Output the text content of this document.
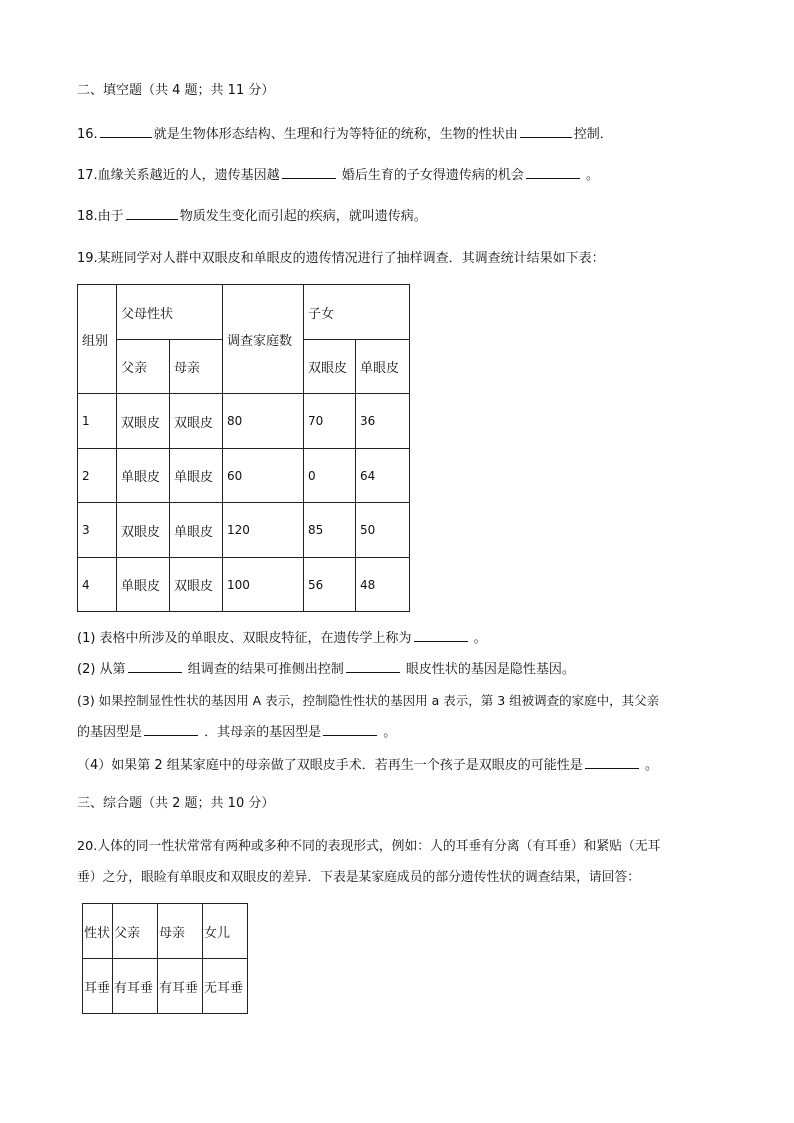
二、填空题（共 4 题；共 11 分）
16.	就是生物体形态结构、生理和行为等特征的统称，生物的性状由	控制．
17.血缘关系越近的人，遗传基因越	婚后生育的子女得遗传病的机会	。
18.由于	物质发生变化而引起的疾病，就叫遗传病。
19.某班同学对人群中双眼皮和单眼皮的遗传情况进行了抽样调查．其调查统计结果如下表：
组别	父母性状		调查家庭数	子女	
	父亲	母亲		双眼皮	单眼皮
1	双眼皮	双眼皮	80	70	36
2	单眼皮	单眼皮	60	0	64
3	双眼皮	单眼皮	120	85	50
4	单眼皮	双眼皮	100	56	48
(1) 表格中所涉及的单眼皮、双眼皮特征，在遗传学上称为	。
(2) 从第	组调查的结果可推侧出控制	眼皮性状的基因是隐性基因。
(3) 如果控制显性性状的基因用 A 表示，控制隐性性状的基因用 a 表示，第 3 组被调查的家庭中，其父亲
的基因型是	．其母亲的基因型是	。
（4）如果第 2 组某家庭中的母亲做了双眼皮手术．若再生一个孩子是双眼皮的可能性是	。
三、综合题（共 2 题；共 10 分）
20.人体的同一性状常常有两种或多种不同的表现形式，例如：人的耳垂有分离（有耳垂）和紧贴（无耳
垂）之分，眼睑有单眼皮和双眼皮的差异．下表是某家庭成员的部分遗传性状的调查结果，请回答：
性状	父亲	母亲	女儿
耳垂	有耳垂	有耳垂	无耳垂
